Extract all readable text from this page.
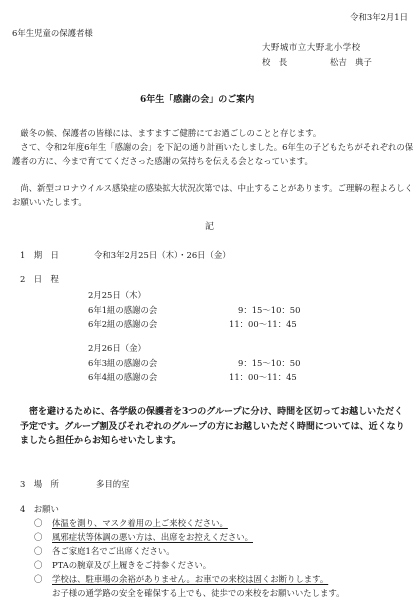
令和3年2月1日
6年生児童の保護者様
大野城市立大野北小学校
校　長	松吉　典子
6年生「感謝の会」のご案内
厳冬の候、保護者の皆様には、ますますご健勝にてお過ごしのことと存じます。
さて、令和2年度6年生「感謝の会」を下記の通り計画いたしました。6年生の子どもたちがそれぞれの保護者の方に、今まで育ててくださった感謝の気持ちを伝える会となっています。
尚、新型コロナウイルス感染症の感染拡大状況次第では、中止することがあります。ご理解の程よろしくお願いいたします。
記
1　期　日	令和3年2月25日（木）・26日（金）
2　日　程
2月25日（木）
6年1組の感謝の会	9：15～10：50
6年2組の感謝の会	11：00～11：45
2月26日（金）
6年3組の感謝の会	9：15～10：50
6年4組の感謝の会	11：00～11：45
密を避けるために、各学級の保護者を3つのグループに分け、時間を区切ってお越しいただく予定です。グループ割及びそれぞれのグループの方にお越しいただく時間については、近くなりましたら担任からお知らせいたします。
3　場　所	多目的室
4　お願い
〇 体温を測り、マスク着用の上ご来校ください。
〇 風邪症状等体調の悪い方は、出席をお控えください。
〇 各ご家庭1名でご出席ください。
〇 PTAの腕章及び上履きをご持参ください。
〇 学校は、駐車場の余裕がありません。お車での来校は固くお断りします。
お子様の通学路の安全を確保する上でも、徒歩での来校をお願いいたします。
